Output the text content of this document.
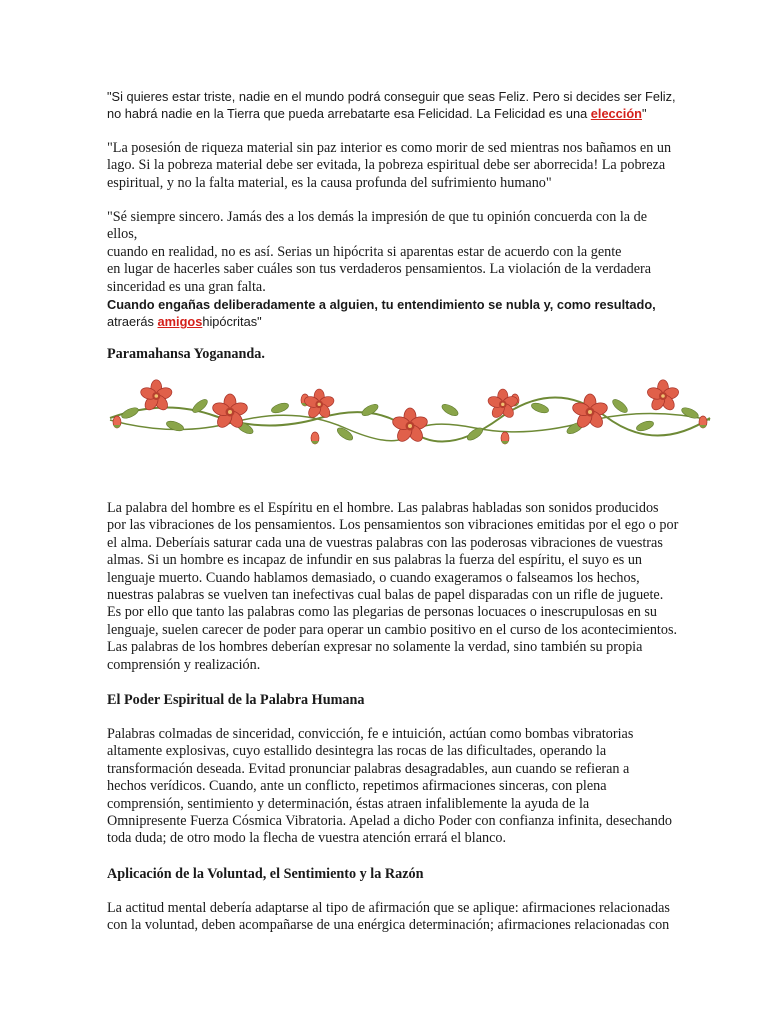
"Si quieres estar triste, nadie en el mundo podrá conseguir que seas Feliz. Pero si decides ser Feliz,

no habrá nadie en la Tierra que pueda arrebatarte esa Felicidad. La Felicidad es una elección"

"La posesión de riqueza material sin paz interior es como morir de sed mientras nos bañamos en un

lago. Si la pobreza material debe ser evitada, la pobreza espiritual debe ser aborrecida! La pobreza

espiritual, y no la falta material, es la causa profunda del sufrimiento humano"

"Sé siempre sincero. Jamás des a los demás la impresión de que tu opinión concuerda con la de

ellos,

cuando en realidad, no es así. Serias un hipócrita si aparentas estar de acuerdo con la gente

en lugar de hacerles saber cuáles son tus verdaderos pensamientos. La violación de la verdadera

sinceridad es una gran falta.

Cuando engañas deliberadamente a alguien, tu entendimiento se nubla y, como resultado,

atraerás amigoshipócritas"

Paramahansa Yogananda.

La palabra del hombre es el Espíritu en el hombre. Las palabras habladas son sonidos producidos

por las vibraciones de los pensamientos. Los pensamientos son vibraciones emitidas por el ego o por

el alma. Deberíais saturar cada una de vuestras palabras con las poderosas vibraciones de vuestras

almas. Si un hombre es incapaz de infundir en sus palabras la fuerza del espíritu, el suyo es un

lenguaje muerto. Cuando hablamos demasiado, o cuando exageramos o falseamos los hechos,

nuestras palabras se vuelven tan inefectivas cual balas de papel disparadas con un rifle de juguete.

Es por ello que tanto las palabras como las plegarias de personas locuaces o inescrupulosas en su

lenguaje, suelen carecer de poder para operar un cambio positivo en el curso de los acontecimientos.

Las palabras de los hombres deberían expresar no solamente la verdad, sino también su propia

comprensión y realización.

El Poder Espiritual de la Palabra Humana

Palabras colmadas de sinceridad, convicción, fe e intuición, actúan como bombas vibratorias

altamente explosivas, cuyo estallido desintegra las rocas de las dificultades, operando la

transformación deseada. Evitad pronunciar palabras desagradables, aun cuando se refieran a

hechos verídicos. Cuando, ante un conflicto, repetimos afirmaciones sinceras, con plena

comprensión, sentimiento y determinación, éstas atraen infaliblemente la ayuda de la

Omnipresente Fuerza Cósmica Vibratoria. Apelad a dicho Poder con confianza infinita, desechando

toda duda; de otro modo la flecha de vuestra atención errará el blanco.

Aplicación de la Voluntad, el Sentimiento y la Razón

La actitud mental debería adaptarse al tipo de afirmación que se aplique: afirmaciones relacionadas

con la voluntad, deben acompañarse de una enérgica determinación; afirmaciones relacionadas con
